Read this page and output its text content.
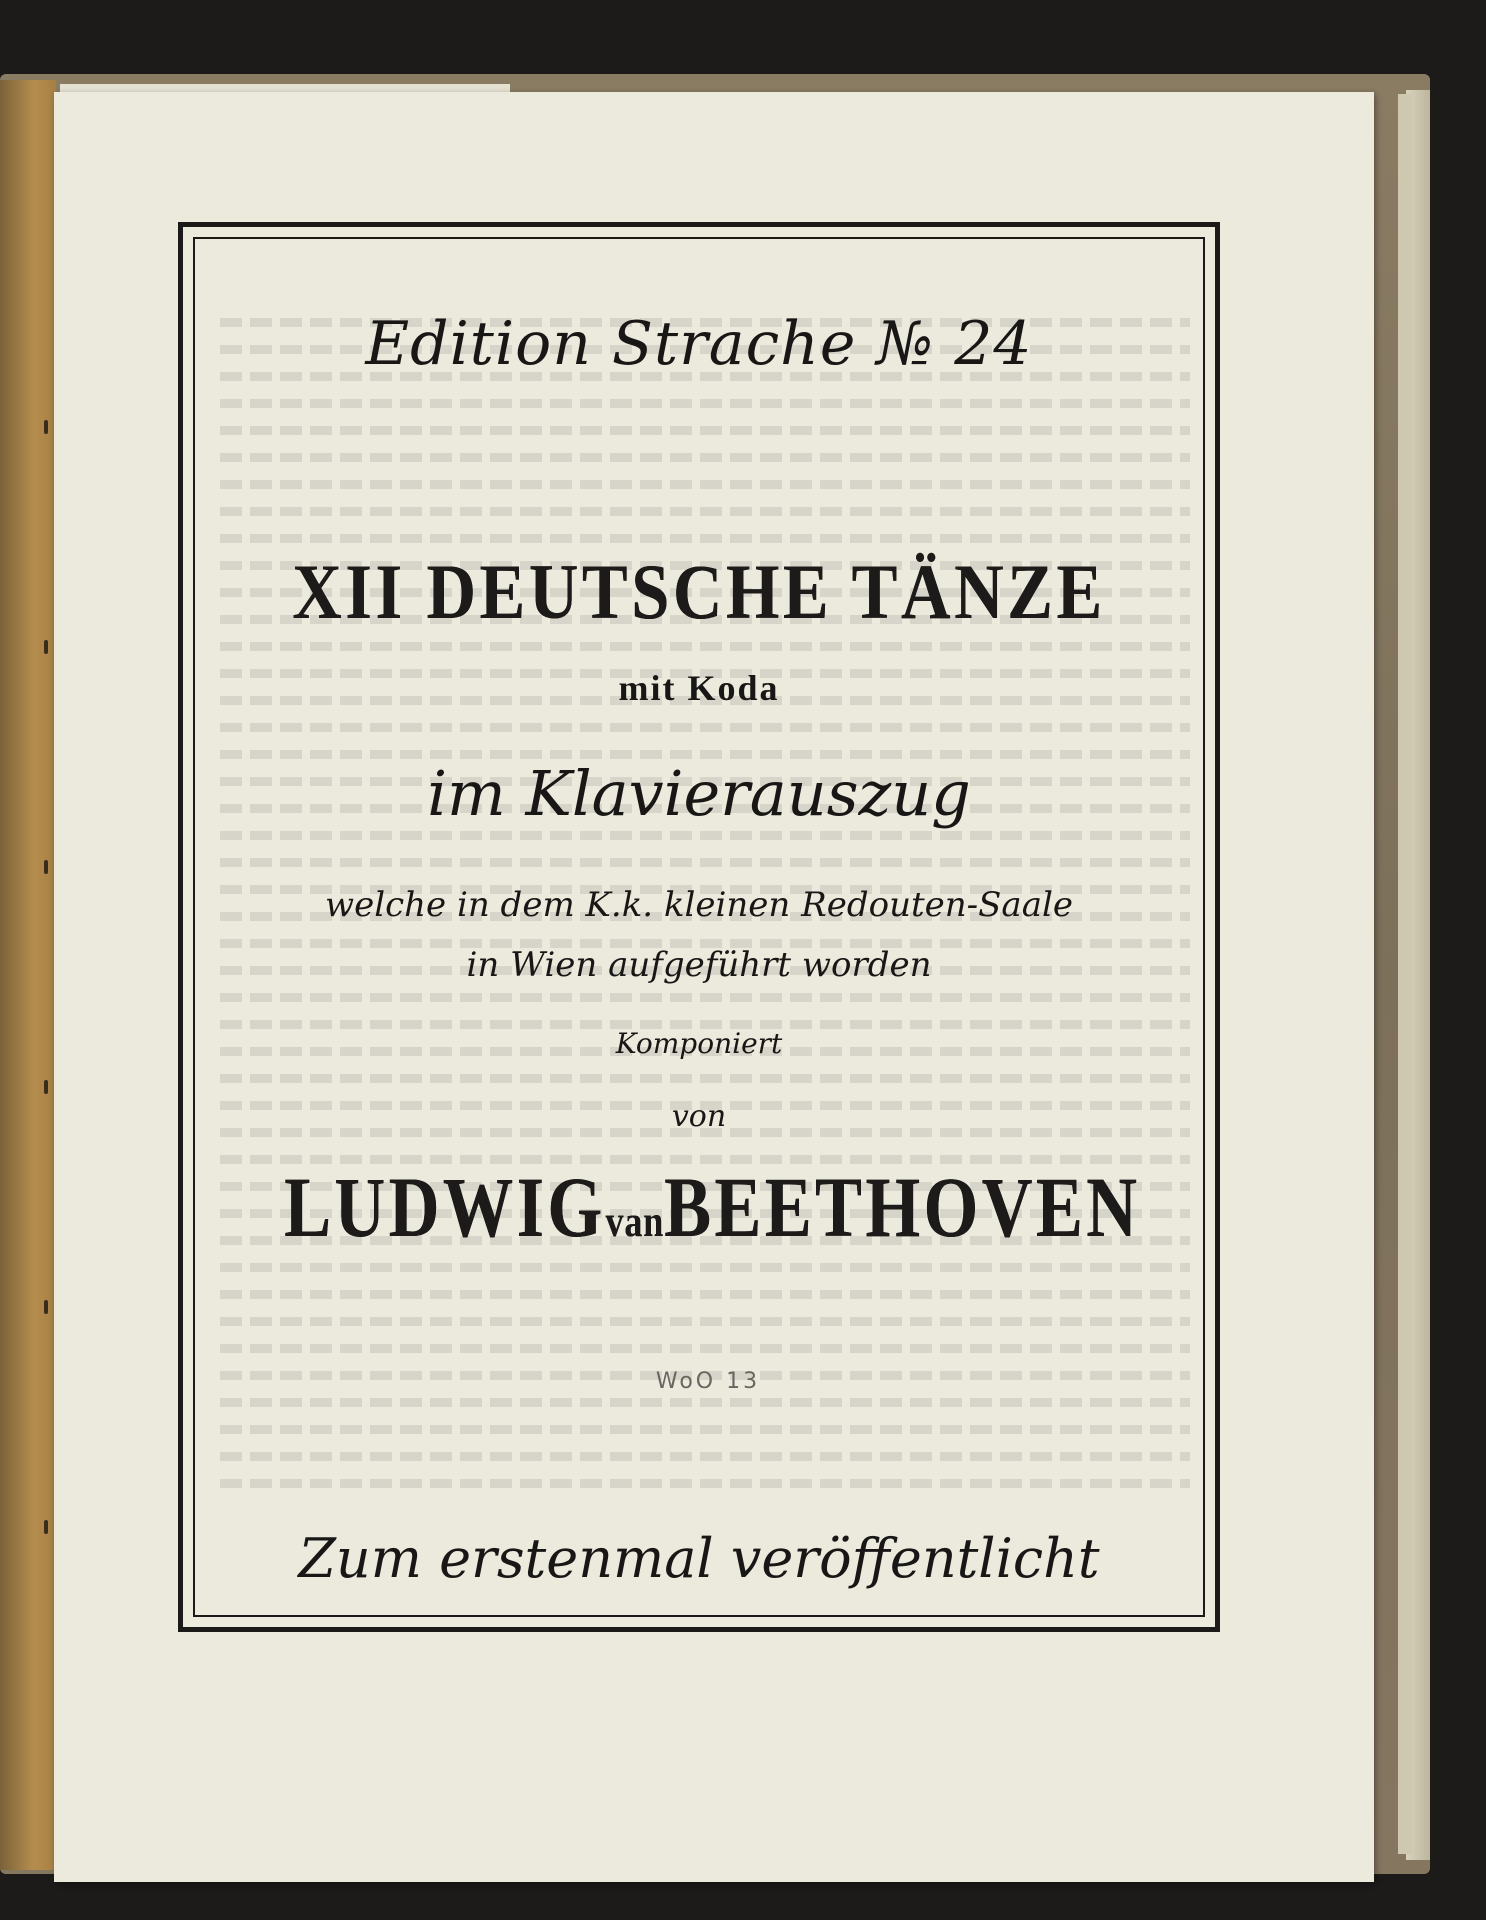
Edition Strache № 24
XII DEUTSCHE TÄNZE
mit Koda
im Klavierauszug
welche in dem K.k. kleinen Redouten-Saale
in Wien aufgeführt worden
Komponiert
von
LUDWIGvanBEETHOVEN
WoO 13
Zum erstenmal veröffentlicht
